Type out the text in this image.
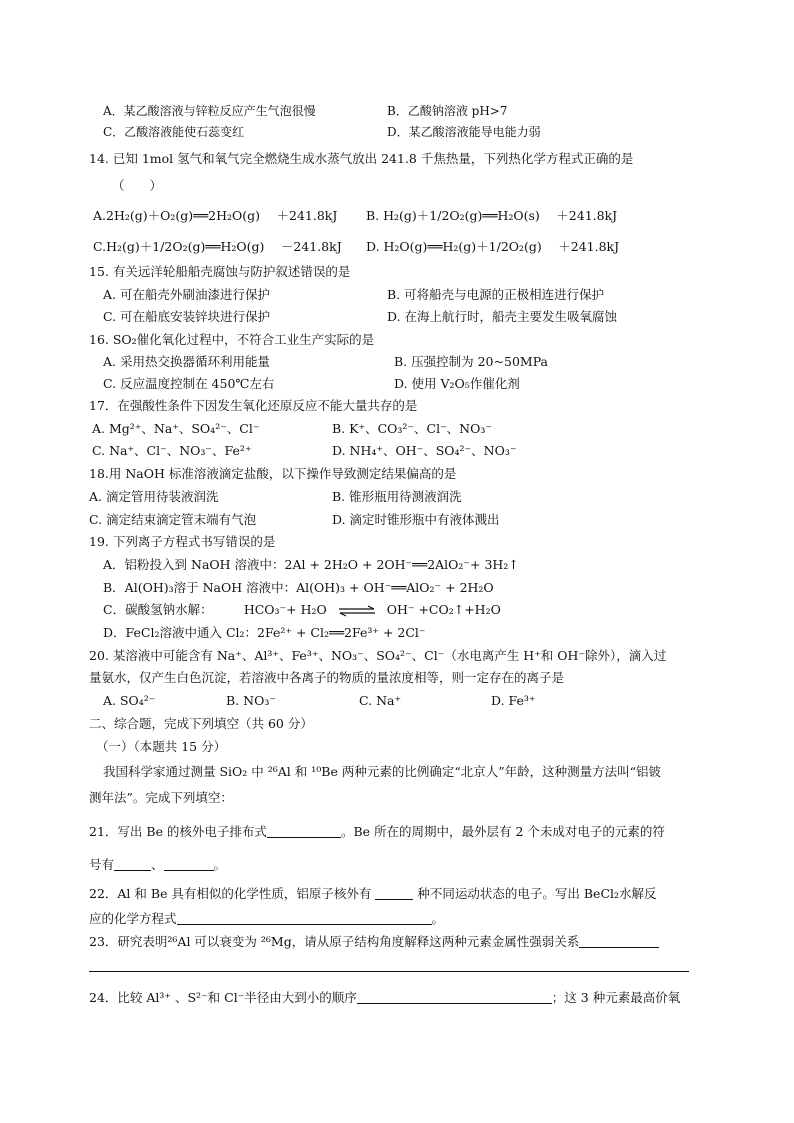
A．某乙酸溶液与锌粒反应产生气泡很慢	B．乙酸钠溶液 pH>7
C．乙酸溶液能使石蕊变红	D．某乙酸溶液能导电能力弱
14. 已知 1mol 氢气和氧气完全燃烧生成水蒸气放出 241.8 千焦热量，下列热化学方程式正确的是
（　　）
A.2H₂(g)＋O₂(g)══2H₂O(g)　 ＋241.8kJ B. H₂(g)＋1/2O₂(g)══H₂O(s)　 ＋241.8kJ
C.H₂(g)＋1/2O₂(g)══H₂O(g)　 －241.8kJ D. H₂O(g)══H₂(g)＋1/2O₂(g)　 ＋241.8kJ
15. 有关远洋轮船船壳腐蚀与防护叙述错误的是
A. 可在船壳外刷油漆进行保护	B. 可将船壳与电源的正极相连进行保护
C. 可在船底安装锌块进行保护	D. 在海上航行时，船壳主要发生吸氧腐蚀
16. SO₂催化氧化过程中，不符合工业生产实际的是
A. 采用热交换器循环利用能量	B. 压强控制为 20~50MPa
C. 反应温度控制在 450℃左右	D. 使用 V₂O₅作催化剂
17．在强酸性条件下因发生氧化还原反应不能大量共存的是
A. Mg²⁺、Na⁺、SO₄²⁻、Cl⁻	B. K⁺、CO₃²⁻、Cl⁻、NO₃⁻
C. Na⁺、Cl⁻、NO₃⁻、Fe²⁺	D. NH₄⁺、OH⁻、SO₄²⁻、NO₃⁻
18.用 NaOH 标准溶液滴定盐酸，以下操作导致测定结果偏高的是
A. 滴定管用待装液润洗	B. 锥形瓶用待测液润洗
C. 滴定结束滴定管末端有气泡	D. 滴定时锥形瓶中有液体溅出
19. 下列离子方程式书写错误的是
A．铝粉投入到 NaOH 溶液中：2Al + 2H₂O + 2OH⁻══2AlO₂⁻+ 3H₂↑
B．Al(OH)₃溶于 NaOH 溶液中：Al(OH)₃ + OH⁻══AlO₂⁻ + 2H₂O
C．碳酸氢钠水解：　　　HCO₃⁻+ H₂O ⇌ OH⁻ +CO₂↑+H₂O
D．FeCl₂溶液中通入 Cl₂：2Fe²⁺ + Cl₂══2Fe³⁺ + 2Cl⁻
20. 某溶液中可能含有 Na⁺、Al³⁺、Fe³⁺、NO₃⁻、SO₄²⁻、Cl⁻（水电离产生 H⁺和 OH⁻除外），滴入过
量氨水，仅产生白色沉淀，若溶液中各离子的物质的量浓度相等，则一定存在的离子是
A. SO₄²⁻	B. NO₃⁻	C. Na⁺	D. Fe³⁺
二、综合题，完成下列填空（共 60 分）
（一）（本题共 15 分）
我国科学家通过测量 SiO₂ 中 ²⁶Al 和 ¹⁰Be 两种元素的比例确定“北京人”年龄，这种测量方法叫“铝铍
测年法”。完成下列填空：
21．写出 Be 的核外电子排布式	。Be 所在的周期中，最外层有 2 个未成对电子的元素的符
号有	、	。
22．Al 和 Be 具有相似的化学性质，铝原子核外有	种不同运动状态的电子。写出 BeCl₂水解反
应的化学方程式	。
23．研究表明²⁶Al 可以衰变为 ²⁶Mg，请从原子结构角度解释这两种元素金属性强弱关系
24．比较 Al³⁺ 、S²⁻和 Cl⁻半径由大到小的顺序	；这 3 种元素最高价氧
